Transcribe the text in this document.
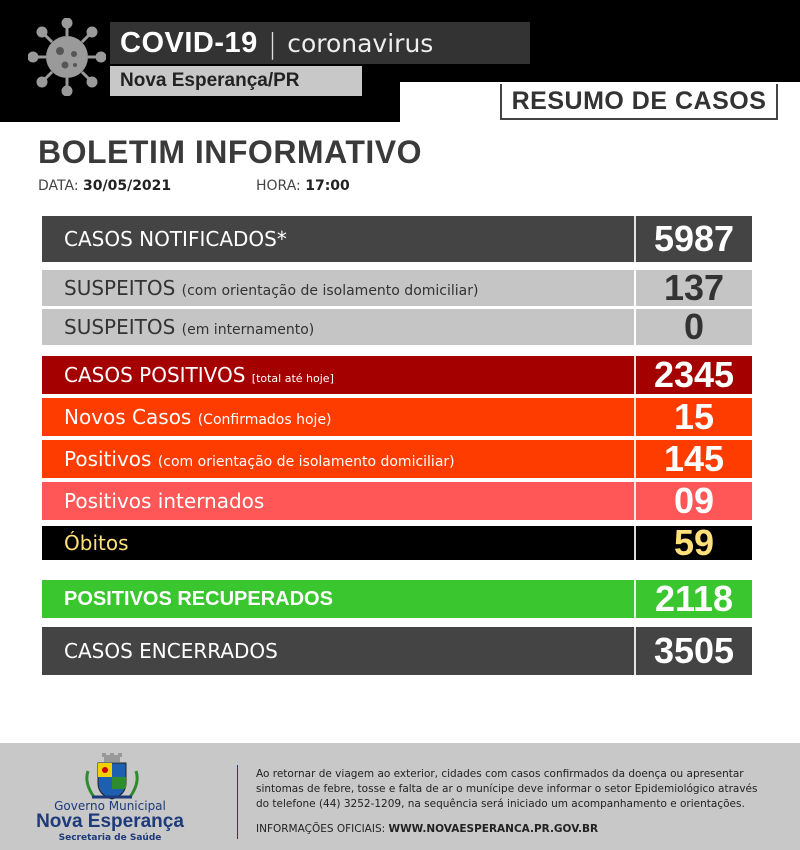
COVID-19 | coronavirus
Nova Esperança/PR
RESUMO DE CASOS
BOLETIM INFORMATIVO
DATA: 30/05/2021	HORA: 17:00
CASOS NOTIFICADOS*	5987
SUSPEITOS (com orientação de isolamento domiciliar)	137
SUSPEITOS (em internamento)	0
CASOS POSITIVOS [total até hoje]	2345
Novos Casos (Confirmados hoje)	15
Positivos (com orientação de isolamento domiciliar)	145
Positivos internados	09
Óbitos	59
POSITIVOS RECUPERADOS	2118
CASOS ENCERRADOS	3505
Governo Municipal
Nova Esperança
Secretaria de Saúde
Ao retornar de viagem ao exterior, cidades com casos confirmados da doença ou apresentar
sintomas de febre, tosse e falta de ar o munícipe deve informar o setor Epidemiológico através
do telefone (44) 3252-1209, na sequência será iniciado um acompanhamento e orientações.
INFORMAÇÕES OFICIAIS: WWW.NOVAESPERANCA.PR.GOV.BR
